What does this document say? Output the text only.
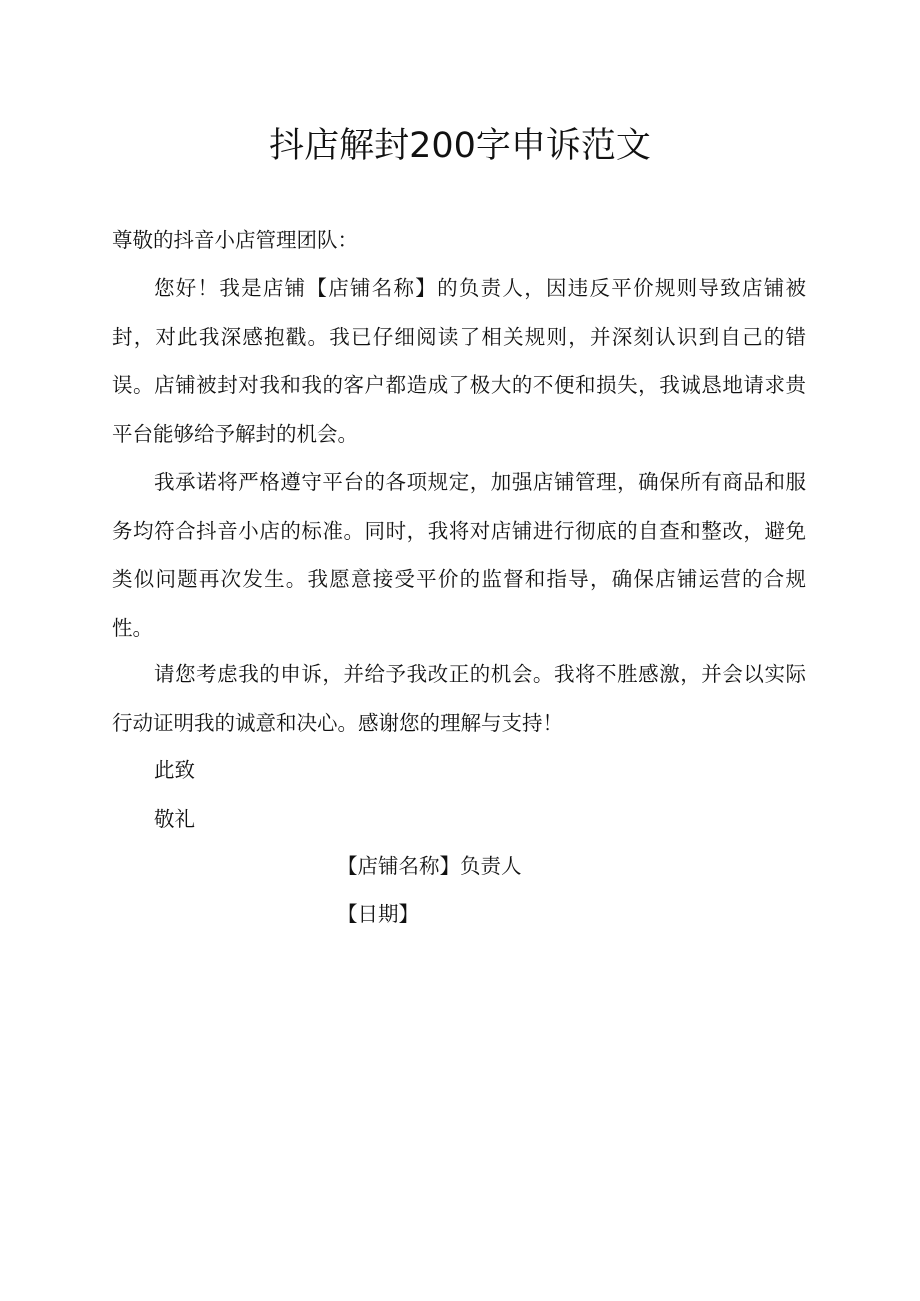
抖店解封200字申诉范文

尊敬的抖音小店管理团队：

您好！我是店铺【店铺名称】的负责人，因违反平价规则导致店铺被封，对此我深感抱戳。我已仔细阅读了相关规则，并深刻认识到自己的错误。店铺被封对我和我的客户都造成了极大的不便和损失，我诚恳地请求贵平台能够给予解封的机会。

我承诺将严格遵守平台的各项规定，加强店铺管理，确保所有商品和服务均符合抖音小店的标准。同时，我将对店铺进行彻底的自查和整改，避免类似问题再次发生。我愿意接受平价的监督和指导，确保店铺运营的合规性。

请您考虑我的申诉，并给予我改正的机会。我将不胜感激，并会以实际行动证明我的诚意和决心。感谢您的理解与支持！

此致

敬礼

【店铺名称】负责人

【日期】
